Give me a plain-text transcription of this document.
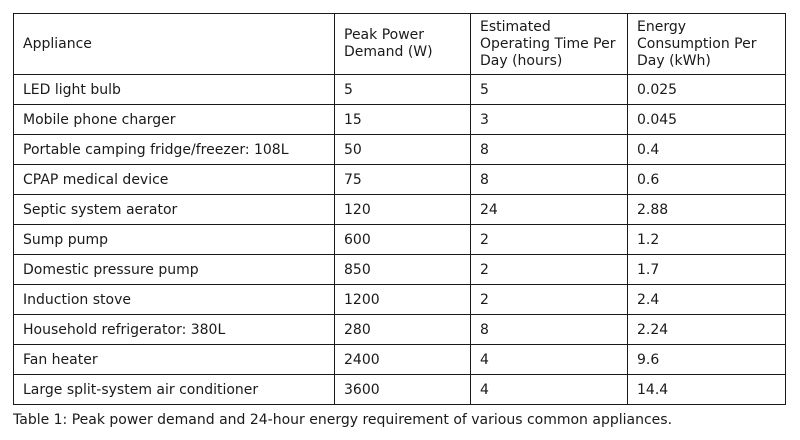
Appliance	Peak Power Demand (W)	Estimated Operating Time Per Day (hours)	Energy Consumption Per Day (kWh)
LED light bulb	5	5	0.025
Mobile phone charger	15	3	0.045
Portable camping fridge/freezer: 108L	50	8	0.4
CPAP medical device	75	8	0.6
Septic system aerator	120	24	2.88
Sump pump	600	2	1.2
Domestic pressure pump	850	2	1.7
Induction stove	1200	2	2.4
Household refrigerator: 380L	280	8	2.24
Fan heater	2400	4	9.6
Large split-system air conditioner	3600	4	14.4
Table 1: Peak power demand and 24-hour energy requirement of various common appliances.
